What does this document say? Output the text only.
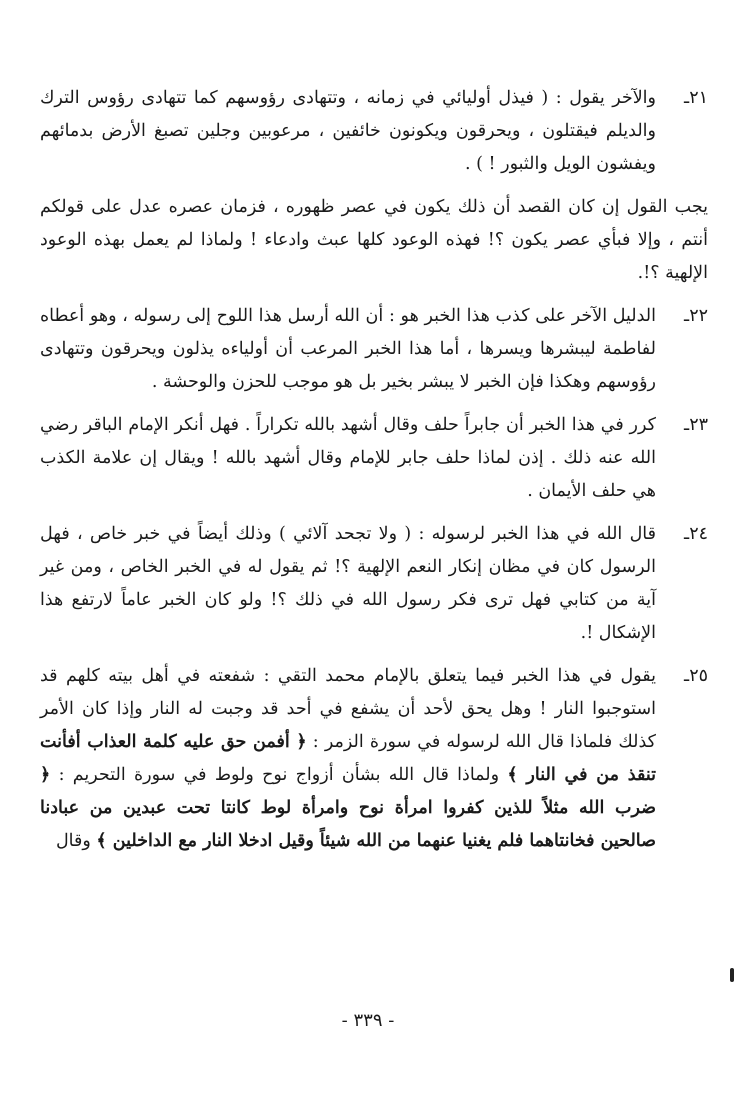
٢١ـ
والآخر يقول : ( فيذل أوليائي في زمانه ، وتتهادى رؤوسهم كما تتهادى رؤوس الترك والديلم فيقتلون ، ويحرقون ويكونون خائفين ، مرعوبين وجلين تصبغ الأرض بدمائهم ويفشون الويل والثبور ! ) .

يجب القول إن كان القصد أن ذلك يكون في عصر ظهوره ، فزمان عصره عدل على قولكم أنتم ، وإلا فبأي عصر يكون ؟! فهذه الوعود كلها عبث وادعاء ! ولماذا لم يعمل بهذه الوعود الإلهية ؟!.

٢٢ـ
الدليل الآخر على كذب هذا الخبر هو : أن الله أرسل هذا اللوح إلى رسوله ، وهو أعطاه لفاطمة ليبشرها ويسرها ، أما هذا الخبر المرعب أن أولياءه يذلون ويحرقون وتتهادى رؤوسهم وهكذا فإن الخبر لا يبشر بخير بل هو موجب للحزن والوحشة .
٢٣ـ
كرر في هذا الخبر أن جابراً حلف وقال أشهد بالله تكراراً . فهل أنكر الإمام الباقر رضي الله عنه ذلك . إذن لماذا حلف جابر للإمام وقال أشهد بالله ! ويقال إن علامة الكذب هي حلف الأيمان .
٢٤ـ
قال الله في هذا الخبر لرسوله : ( ولا تجحد آلائي ) وذلك أيضاً في خبر خاص ، فهل الرسول كان في مظان إنكار النعم الإلهية ؟! ثم يقول له في الخبر الخاص ، ومن غير آية من كتابي فهل ترى فكر رسول الله في ذلك ؟! ولو كان الخبر عاماً لارتفع هذا الإشكال !.
٢٥ـ
يقول في هذا الخبر فيما يتعلق بالإمام محمد التقي : شفعته في أهل بيته كلهم قد استوجبوا النار ! وهل يحق لأحد أن يشفع في أحد قد وجبت له النار وإذا كان الأمر كذلك فلماذا قال الله لرسوله في سورة الزمر : ﴿ أفمن حق عليه كلمة العذاب أفأنت تنقذ من في النار ﴾ ولماذا قال الله بشأن أزواج نوح ولوط في سورة التحريم : ﴿ ضرب الله مثلاً للذين كفروا امرأة نوح وامرأة لوط كانتا تحت عبدين من عبادنا صالحين فخانتاهما فلم يغنيا عنهما من الله شيئاً وقيل ادخلا النار مع الداخلين ﴾ وقال
- ٣٣٩ -
